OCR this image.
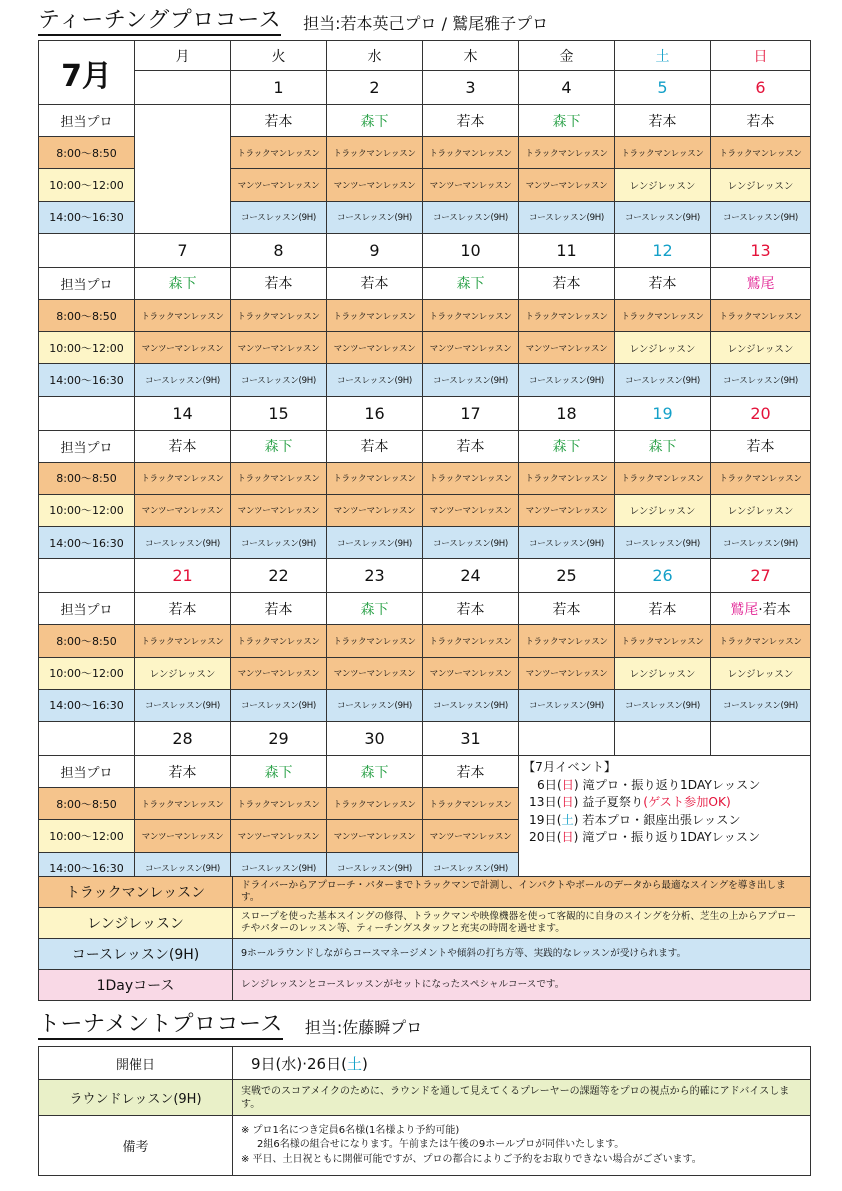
ティーチングプロコース 担当:若本英己プロ / 鷲尾雅子プロ
7月	月	火	水	木	金	土	日
		1	2	3	4	5	6
担当プロ		若本	森下	若本	森下	若本	若本
8:00〜8:50		トラックマンレッスン	トラックマンレッスン	トラックマンレッスン	トラックマンレッスン	トラックマンレッスン	トラックマンレッスン
10:00〜12:00		マンツーマンレッスン	マンツーマンレッスン	マンツーマンレッスン	マンツーマンレッスン	レンジレッスン	レンジレッスン
14:00〜16:30		コースレッスン(9H)	コースレッスン(9H)	コースレッスン(9H)	コースレッスン(9H)	コースレッスン(9H)	コースレッスン(9H)
	7	8	9	10	11	12	13
担当プロ	森下	若本	若本	森下	若本	若本	鷲尾
8:00〜8:50	トラックマンレッスン	トラックマンレッスン	トラックマンレッスン	トラックマンレッスン	トラックマンレッスン	トラックマンレッスン	トラックマンレッスン
10:00〜12:00	マンツーマンレッスン	マンツーマンレッスン	マンツーマンレッスン	マンツーマンレッスン	マンツーマンレッスン	レンジレッスン	レンジレッスン
14:00〜16:30	コースレッスン(9H)	コースレッスン(9H)	コースレッスン(9H)	コースレッスン(9H)	コースレッスン(9H)	コースレッスン(9H)	コースレッスン(9H)
	14	15	16	17	18	19	20
担当プロ	若本	森下	若本	若本	森下	森下	若本
8:00〜8:50	トラックマンレッスン	トラックマンレッスン	トラックマンレッスン	トラックマンレッスン	トラックマンレッスン	トラックマンレッスン	トラックマンレッスン
10:00〜12:00	マンツーマンレッスン	マンツーマンレッスン	マンツーマンレッスン	マンツーマンレッスン	マンツーマンレッスン	レンジレッスン	レンジレッスン
14:00〜16:30	コースレッスン(9H)	コースレッスン(9H)	コースレッスン(9H)	コースレッスン(9H)	コースレッスン(9H)	コースレッスン(9H)	コースレッスン(9H)
	21	22	23	24	25	26	27
担当プロ	若本	若本	森下	若本	若本	若本	鷲尾·若本
8:00〜8:50	トラックマンレッスン	トラックマンレッスン	トラックマンレッスン	トラックマンレッスン	トラックマンレッスン	トラックマンレッスン	トラックマンレッスン
10:00〜12:00	レンジレッスン	マンツーマンレッスン	マンツーマンレッスン	マンツーマンレッスン	マンツーマンレッスン	レンジレッスン	レンジレッスン
14:00〜16:30	コースレッスン(9H)	コースレッスン(9H)	コースレッスン(9H)	コースレッスン(9H)	コースレッスン(9H)	コースレッスン(9H)	コースレッスン(9H)
	28	29	30	31			
担当プロ	若本	森下	森下	若本	【7月イベント】
6日(日) 滝プロ・振り返り1DAYレッスン
13日(日) 益子夏祭り(ゲスト参加OK)
19日(土) 若本プロ・銀座出張レッスン
20日(日) 滝プロ・振り返り1DAYレッスン		

8:00〜8:50	トラックマンレッスン	トラックマンレッスン	トラックマンレッスン	トラックマンレッスン			
10:00〜12:00	マンツーマンレッスン	マンツーマンレッスン	マンツーマンレッスン	マンツーマンレッスン			
14:00〜16:30	コースレッスン(9H)	コースレッスン(9H)	コースレッスン(9H)	コースレッスン(9H)			
トラックマンレッスン	ドライバーからアプローチ・パターまでトラックマンで計測し、インパクトやボールのデータから最適なスイングを導き出します。
レンジレッスン	スロープを使った基本スイングの修得、トラックマンや映像機器を使って客観的に自身のスイングを分析、芝生の上からアプローチやパターのレッスン等、ティーチングスタッフと充実の時間を過せます。
コースレッスン(9H)	9ホールラウンドしながらコースマネージメントや傾斜の打ち方等、実践的なレッスンが受けられます。
1Dayコース	レンジレッスンとコースレッスンがセットになったスペシャルコースです。
トーナメントプロコース 担当:佐藤瞬プロ
開催日	9日(水)·26日(土)
ラウンドレッスン(9H)	実戦でのスコアメイクのために、ラウンドを通して見えてくるプレーヤーの課題等をプロの視点から的確にアドバイスします。
備考	※ プロ1名につき定員6名様(1名様より予約可能)
2組6名様の組合せになります。午前または午後の9ホールプロが同伴いたします。
※ 平日、土日祝ともに開催可能ですが、プロの都合によりご予約をお取りできない場合がございます。
